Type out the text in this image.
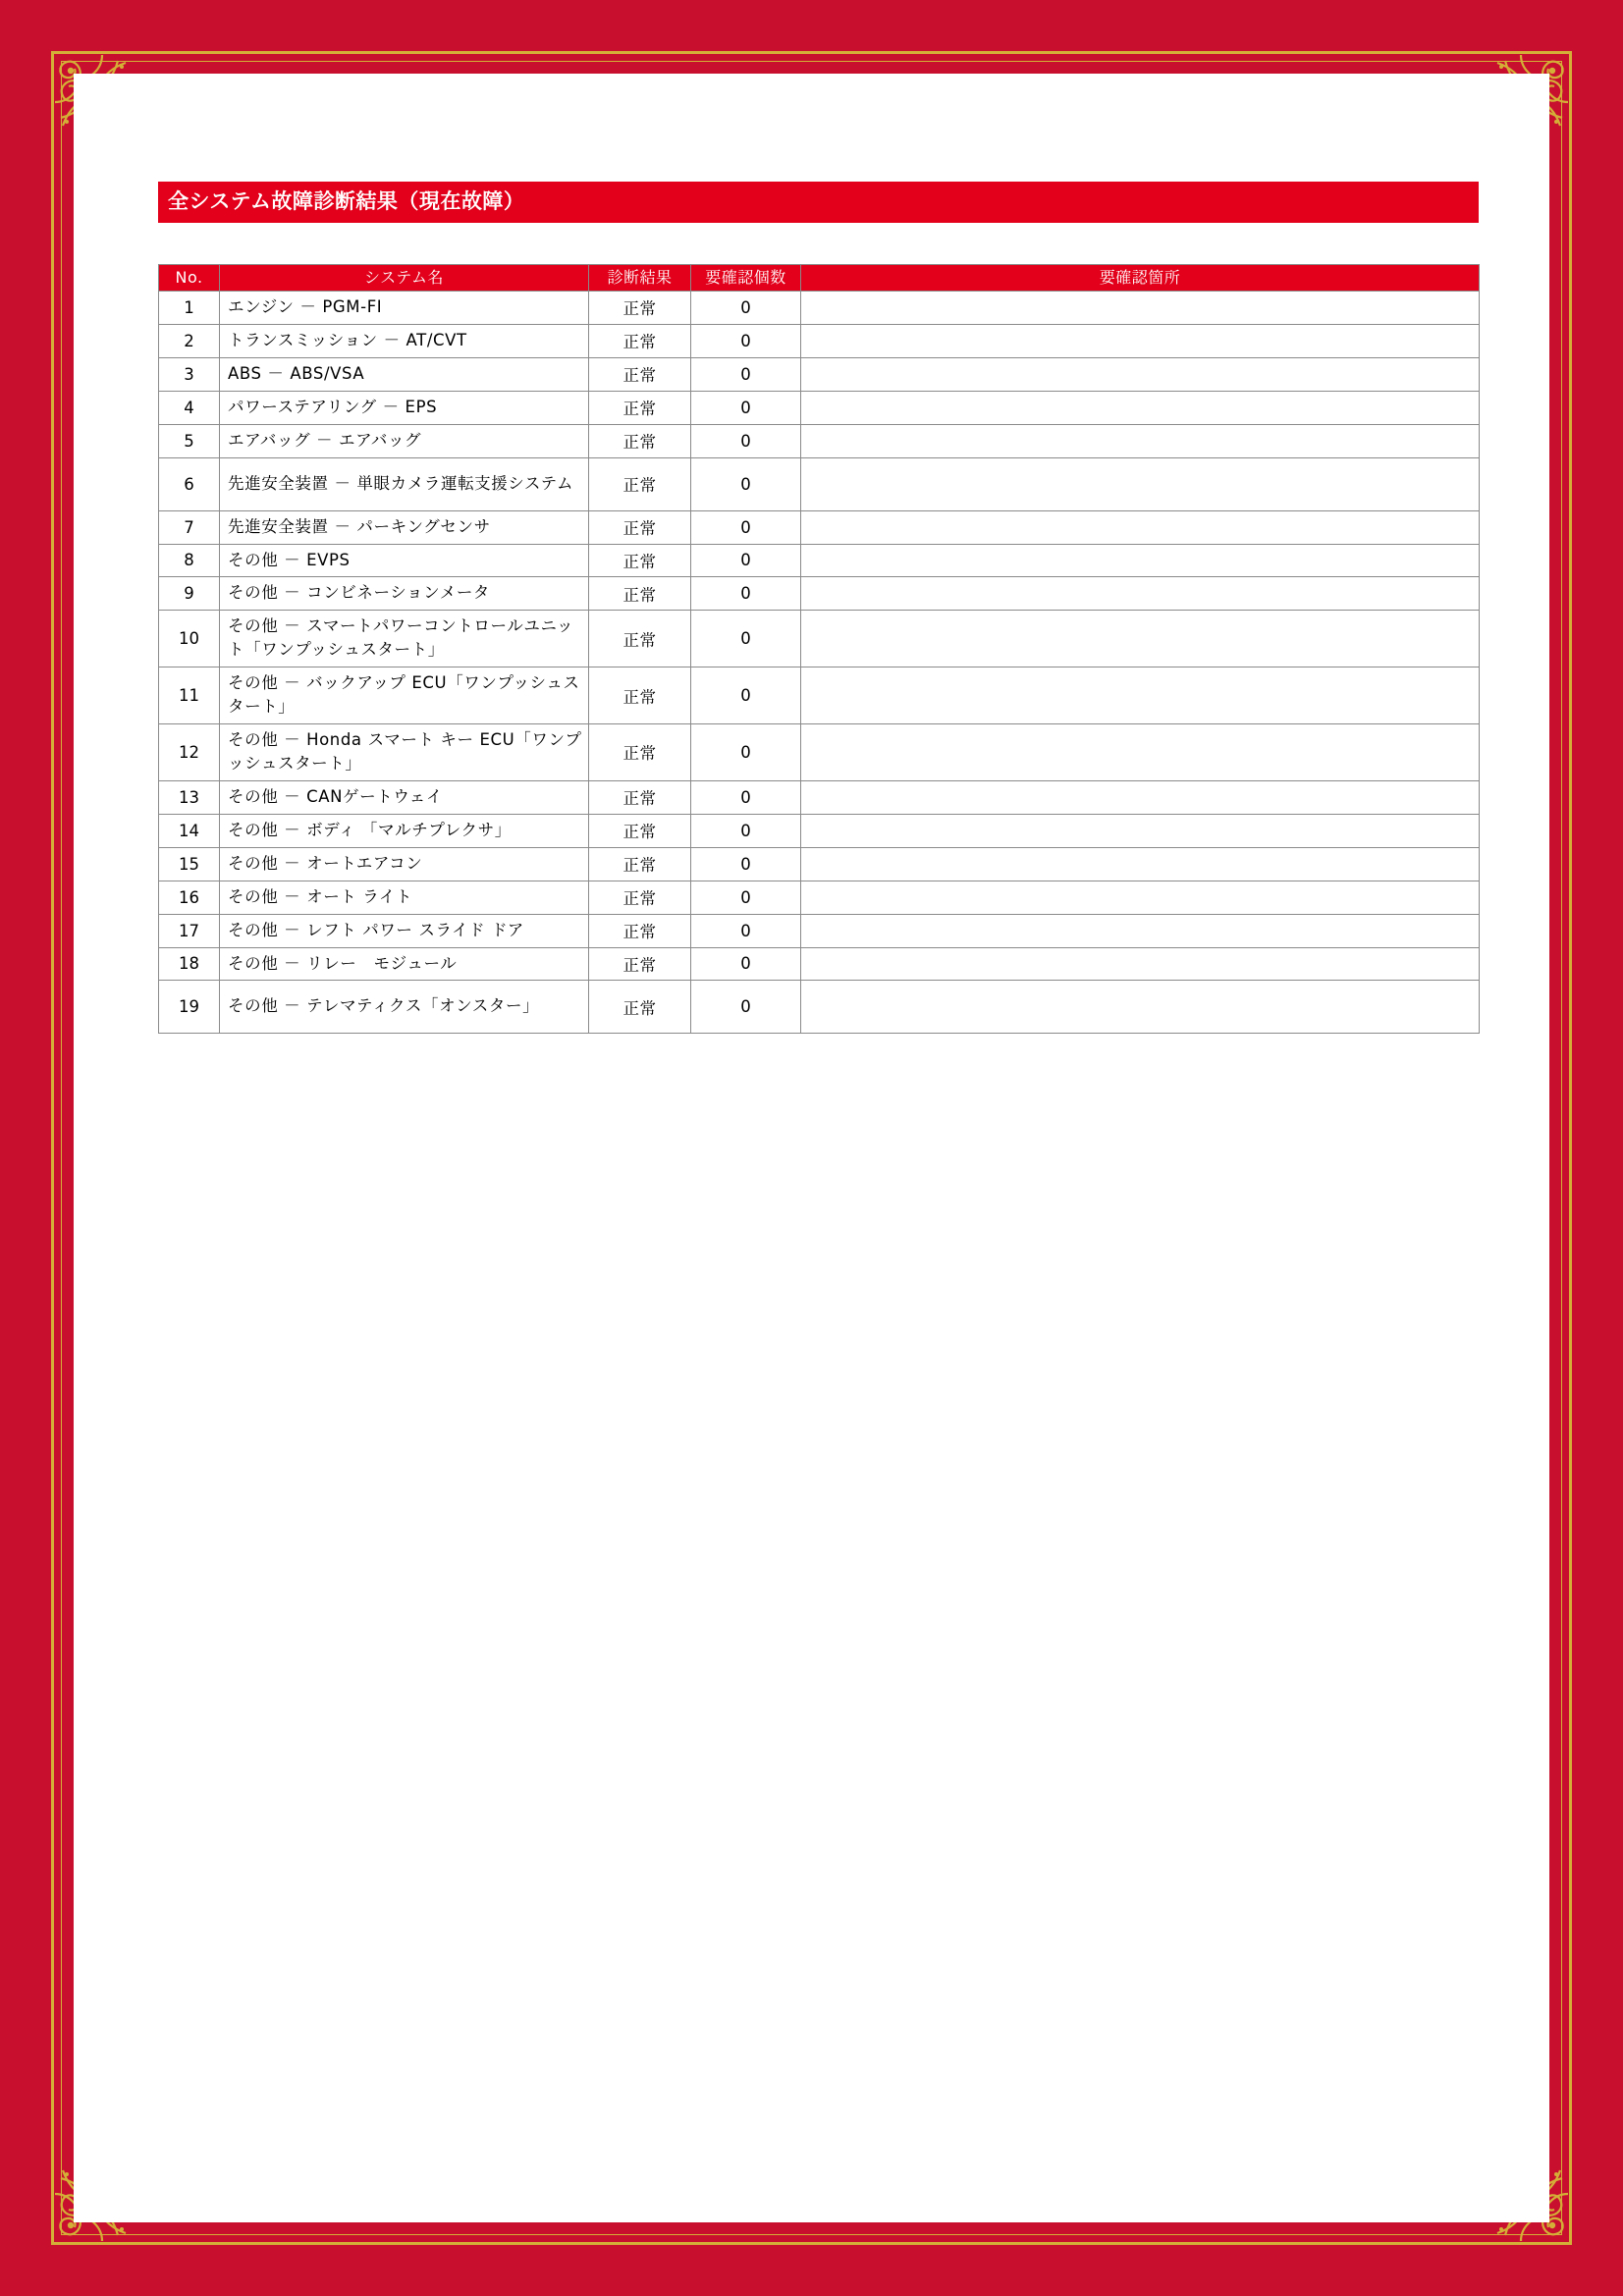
全システム故障診断結果（現在故障）
No.	システム名	診断結果	要確認個数	要確認箇所
1	エンジン － PGM-FI	正常	0	
2	トランスミッション － AT/CVT	正常	0	
3	ABS － ABS/VSA	正常	0	
4	パワーステアリング － EPS	正常	0	
5	エアバッグ － エアバッグ	正常	0	
6	先進安全装置 － 単眼カメラ運転支援システム	正常	0	
7	先進安全装置 － パーキングセンサ	正常	0	
8	その他 － EVPS	正常	0	
9	その他 － コンビネーションメータ	正常	0	
10	その他 － スマートパワーコントロールユニット「ワンプッシュスタート」	正常	0	
11	その他 － バックアップ ECU「ワンプッシュスタート」	正常	0	
12	その他 － Honda スマート キー ECU「ワンプッシュスタート」	正常	0	
13	その他 － CANゲートウェイ	正常	0	
14	その他 － ボディ 「マルチプレクサ」	正常	0	
15	その他 － オートエアコン	正常	0	
16	その他 － オート ライト	正常	0	
17	その他 － レフト パワー スライド ドア	正常	0	
18	その他 － リレー　モジュール	正常	0	
19	その他 － テレマティクス「オンスター」	正常	0	
